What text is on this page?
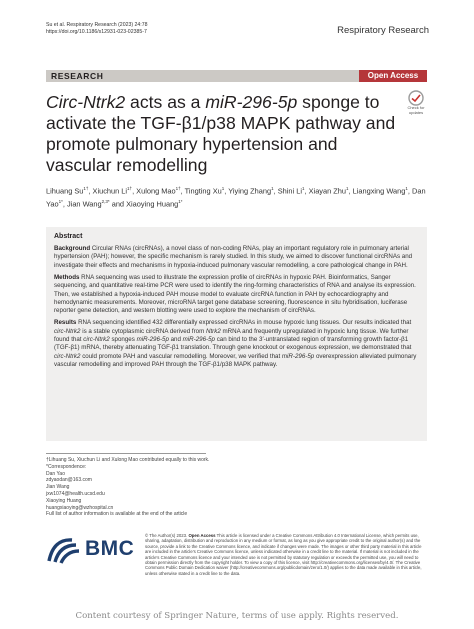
Su et al. Respiratory Research (2023) 24:78
https://doi.org/10.1186/s12931-023-02385-7	Respiratory Research
RESEARCH	Open Access
Circ-Ntrk2 acts as a miR-296-5p sponge to activate the TGF-β1/p38 MAPK pathway and promote pulmonary hypertension and vascular remodelling
Check for
updates
Lihuang $Su^{1\dagger}$, Xiuchun $Li^{1\dagger}$, Xulong Mao$^{1\dagger}$, Tingting Xu$^1$, Yiying Zhang$^1$, Shini Li$^1$, Xiayan Zhu$^1$, Liangxing Wang$^1$, Dan Yao$^{1*}$, Jian Wang$^{2,3*}$ and Xiaoying Huang$^{1*}$
Abstract

Background Circular RNAs (circRNAs), a novel class of non-coding RNAs, play an important regulatory role in pulmonary arterial hypertension (PAH); however, the specific mechanism is rarely studied. In this study, we aimed to discover functional circRNAs and investigate their effects and mechanisms in hypoxia-induced pulmonary vascular remodelling, a core pathological change in PAH.

Methods RNA sequencing was used to illustrate the expression profile of circRNAs in hypoxic PAH. Bioinformatics, Sanger sequencing, and quantitative real-time PCR were used to identify the ring-forming characteristics of RNA and analyse its expression. Then, we established a hypoxia-induced PAH mouse model to evaluate circRNA function in PAH by echocardiography and hemodynamic measurements. Moreover, microRNA target gene database screening, fluorescence in situ hybridisation, luciferase reporter gene detection, and western blotting were used to explore the mechanism of circRNAs.

Results RNA sequencing identified 432 differentially expressed circRNAs in mouse hypoxic lung tissues. Our results indicated that circ-Ntrk2 is a stable cytoplasmic circRNA derived from Ntrk2 mRNA and frequently upregulated in hypoxic lung tissue. We further found that circ-Ntrk2 sponges miR-296-5p and miR-296-5p can bind to the 3′-untranslated region of transforming growth factor-β1 (TGF-β1) mRNA, thereby attenuating TGF-β1 translation. Through gene knockout or exogenous expression, we demonstrated that circ-Ntrk2 could promote PAH and vascular remodelling. Moreover, we verified that miR-296-5p overexpression alleviated pulmonary vascular remodelling and improved PAH through the TGF-β1/p38 MAPK pathway.

†Lihuang Su, Xiuchun Li and Xulong Mao contributed equally to this work.
*Correspondence:
Dan Yao
zdyaodan@163.com
Jian Wang
jxw1074@health.ucsd.edu
Xiaoying Huang
huangxiaoying@wzhospital.cn
Full list of author information is available at the end of the article
BMC
© The Author(s) 2023. Open Access This article is licensed under a Creative Commons Attribution 4.0 International License, which permits use, sharing, adaptation, distribution and reproduction in any medium or format, as long as you give appropriate credit to the original author(s) and the source, provide a link to the Creative Commons licence, and indicate if changes were made. The images or other third party material in this article are included in the article's Creative Commons licence, unless indicated otherwise in a credit line to the material. If material is not included in the article's Creative Commons licence and your intended use is not permitted by statutory regulation or exceeds the permitted use, you will need to obtain permission directly from the copyright holder. To view a copy of this licence, visit http://creativecommons.org/licenses/by/4.0/. The Creative Commons Public Domain Dedication waiver (http://creativecommons.org/publicdomain/zero/1.0/) applies to the data made available in this article, unless otherwise stated in a credit line to the data.
Content courtesy of Springer Nature, terms of use apply. Rights reserved.
